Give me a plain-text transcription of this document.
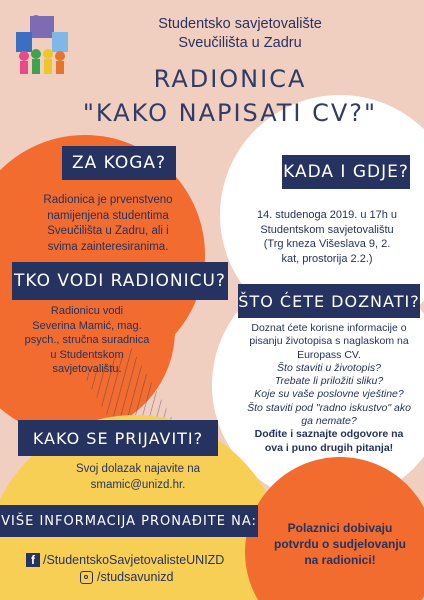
Studentsko savjetovalište
Sveučilišta u Zadru
RADIONICA
"KAKO NAPISATI CV?"
ZA KOGA?
Radionica je prvenstveno
namijenjena studentima
Sveučilišta u Zadru, ali i
svima zainteresiranima.
KADA I GDJE?
14. studenoga 2019. u 17h u
Studentskom savjetovalištu
(Trg kneza Višeslava 9, 2.
kat, prostorija 2.2.)
TKO VODI RADIONICU?
Radionicu vodi
Severina Mamić, mag.
psych., stručna suradnica
u Studentskom
savjetovalištu.
ŠTO ĆETE DOZNATI?
Doznat ćete korisne informacije o
pisanju životopisa s naglaskom na
Europass CV.
Što staviti u životopis?
Trebate li priložiti sliku?
Koje su vaše poslovne vještine?
Što staviti pod "radno iskustvo" ako
ga nemate?
Dođite i saznajte odgovore na
ova i puno drugih pitanja!
KAKO SE PRIJAVITI?
Svoj dolazak najavite na
smamic@unizd.hr.
VIŠE INFORMACIJA PRONAĐITE NA:
f /StudentskoSavjetovalisteUNIZD
/studsavunizd
Polaznici dobivaju
potvrdu o sudjelovanju
na radionici!
